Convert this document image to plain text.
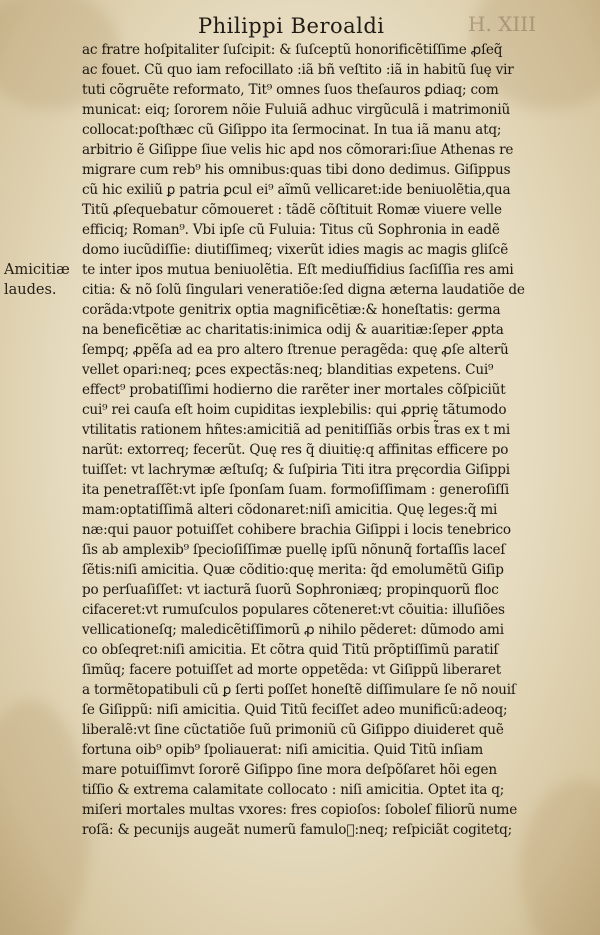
Philippi Beroaldi	H. XIII
Amicitiæ
laudes.
ac fratre hoſpitaliter ſuſcipit: & ſuſceptũ honorificẽtiſſime ꝓſeq̃
ac fouet. Cũ quo iam refocillato :iã bñ veſtito :iã in habitũ ſuę vir
tuti cõgruẽte reformato, Tit⁹ omnes ſuos theſauros ꝑdiaq; com
municat: eiq; ſororem nõie Fuluiã adhuc virgũculã i matrimoniũ
collocat:poſthæc cũ Giſippo ita ſermocinat. In tua iã manu atq;
arbitrio ẽ Giſippe ſiue velis hic apd nos cõmorari:ſiue Athenas re
migrare cum reb⁹ his omnibus:quas tibi dono dedimus. Giſippus
cũ hic exiliũ ꝑ patria ꝑcul ei⁹ aĩmũ vellicaret:ide beniuolẽtia,qua
Titũ ꝓſequebatur cõmoueret : tãdẽ cõſtituit Romæ viuere velle
efficiq; Roman⁹. Vbi ipſe cũ Fuluia: Titus cũ Sophronia in eadẽ
domo iucũdiſſie: diutiſſimeq; vixerũt idies magis ac magis gliſcẽ
te inter ipos mutua beniuolẽtia. Eſt mediuſfidius ſacſiſſia res ami
citia: & nõ ſolũ ſingulari veneratiõe:ſed digna æterna laudatiõe de
corãda:vtpote genitrix optia magnificẽtiæ:& honeſtatis: germa
na beneficẽtiæ ac charitatis:inimica odij & auaritiæ:ſeper ꝓpta
ſempq; ꝓpẽſa ad ea pro altero ſtrenue peragẽda: quę ꝓſe alterũ
vellet opari:neq; ꝑces expectãs:neq; blanditias expetens. Cui⁹
effect⁹ probatiſſimi hodierno die rarẽter iner mortales cõſpiciũt
cui⁹ rei cauſa eſt hoim cupiditas iexplebilis: qui ꝓprię tãtumodo
vtilitatis rationem hñtes:amicitiã ad penitiſſiãs orbis t̃ras ex t mi
narũt: extorreq; fecerũt. Quę res q̃ diuitię:q affinitas efficere po
tuiſſet: vt lachrymæ æſtuſq; & ſuſpiria Titi itra pręcordia Giſippi
ita penetraſſẽt:vt ipſe ſponſam ſuam. formoſiſſimam : generoſiſſi
mam:optatiſſimã alteri cõdonaret:niſi amicitia. Quę leges:q̃ mi
næ:qui pauor potuiſſet cohibere brachia Giſippi i locis tenebrico
ſis ab amplexib⁹ ſpecioſiſſimæ puellę ipſũ nõnunq̃ fortaſſis laceſ
ſẽtis:niſi amicitia. Quæ cõditio:quę merita: q̃d emolumẽtũ Giſip
po perſuaſiſſet: vt iacturã ſuorũ Sophroniæq; propinquorũ floc
cifaceret:vt rumuſculos populares cõteneret:vt cõuitia: illuſiões
vellicationeſq; maledicẽtiſſimorũ ꝓ nihilo pẽderet: dũmodo ami
co obſeqret:niſi amicitia. Et cõtra quid Titũ prõptiſſimũ paratiſ
ſimũq; facere potuiſſet ad morte oppetẽda: vt Giſippũ liberaret
a tormẽtopatibuli cũ ꝑ ſerti poſſet honeſtẽ diſſimulare ſe nõ nouiſ
ſe Giſippũ: niſi amicitia. Quid Titũ feciſſet adeo munificũ:adeoq;
liberalẽ:vt ſine cũctatiõe ſuũ primoniũ cũ Giſippo diuideret quẽ
fortuna oib⁹ opib⁹ ſpoliauerat: niſi amicitia. Quid Titũ inſiam
mare potuiſſimvt ſororẽ Giſippo ſine mora deſpõſaret hõi egen
tiſſio & extrema calamitate collocato : niſi amicitia. Optet ita q;
miſeri mortales multas vxores: fres copioſos: ſoboleſ filiorũ nume
roſã: & pecunijs augeãt numerũ famulo᷑:neq; reſpiciãt cogitetq;
